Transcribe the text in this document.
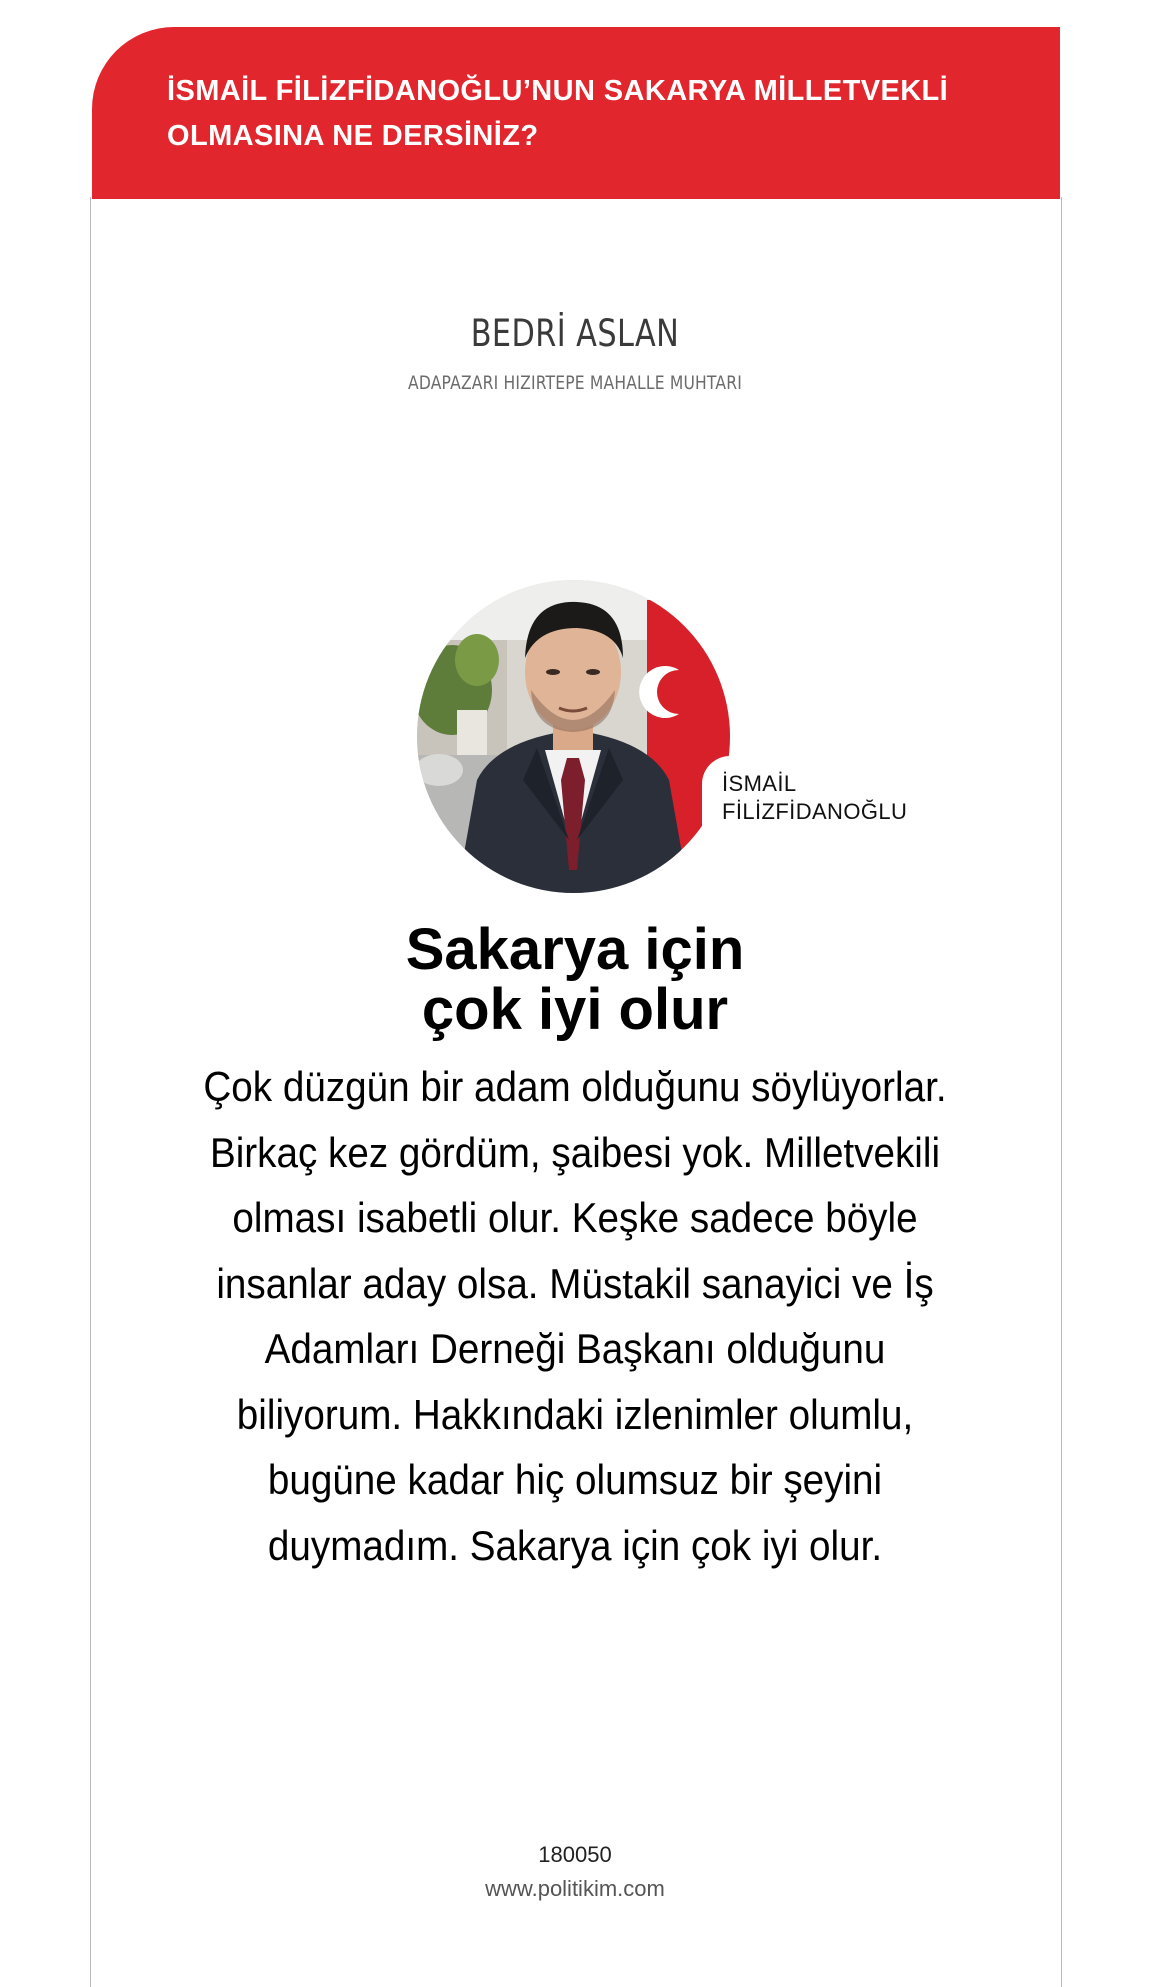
İSMAİL FİLİZFİDANOĞLU’NUN SAKARYA MİLLETVEKLİ OLMASINA NE DERSİNİZ?
BEDRİ ASLAN
ADAPAZARI HIZIRTEPE MAHALLE MUHTARI
İSMAİL
FİLİZFİDANOĞLU
Sakarya için
çok iyi olur

Çok düzgün bir adam olduğunu söylüyorlar. Birkaç kez gördüm, şaibesi yok. Milletvekili olması isabetli olur. Keşke sadece böyle insanlar aday olsa. Müstakil sanayici ve İş Adamları Derneği Başkanı olduğunu biliyorum. Hakkındaki izlenimler olumlu, bugüne kadar hiç olumsuz bir şeyini duymadım. Sakarya için çok iyi olur.

180050
www.politikim.com
